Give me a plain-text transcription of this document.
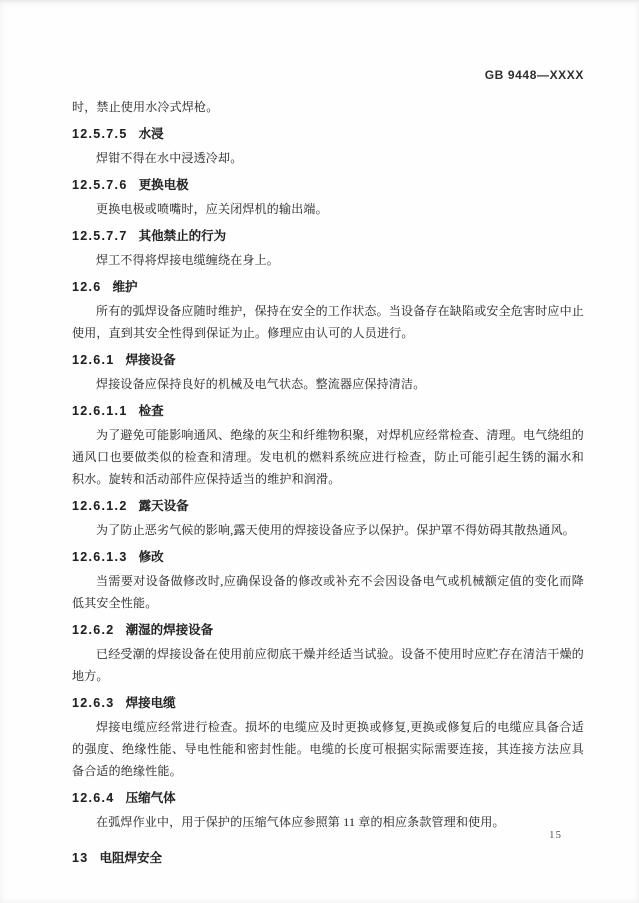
GB 9448—XXXX

时，禁止使用水冷式焊枪。

12.5.7.5 水浸

焊钳不得在水中浸透冷却。

12.5.7.6 更换电极

更换电极或喷嘴时，应关闭焊机的输出端。

12.5.7.7 其他禁止的行为

焊工不得将焊接电缆缠绕在身上。

12.6 维护

所有的弧焊设备应随时维护，保持在安全的工作状态。当设备存在缺陷或安全危害时应中止使用，直到其安全性得到保证为止。修理应由认可的人员进行。

12.6.1 焊接设备

焊接设备应保持良好的机械及电气状态。整流器应保持清洁。

12.6.1.1 检查

为了避免可能影响通风、绝缘的灰尘和纤维物积聚，对焊机应经常检查、清理。电气绕组的通风口也要做类似的检查和清理。发电机的燃料系统应进行检查，防止可能引起生锈的漏水和积水。旋转和活动部件应保持适当的维护和润滑。

12.6.1.2 露天设备

为了防止恶劣气候的影响,露天使用的焊接设备应予以保护。保护罩不得妨碍其散热通风。

12.6.1.3 修改

当需要对设备做修改时,应确保设备的修改或补充不会因设备电气或机械额定值的变化而降低其安全性能。

12.6.2 潮湿的焊接设备

已经受潮的焊接设备在使用前应彻底干燥并经适当试验。设备不使用时应贮存在清洁干燥的地方。

12.6.3 焊接电缆

焊接电缆应经常进行检查。损坏的电缆应及时更换或修复,更换或修复后的电缆应具备合适的强度、绝缘性能、导电性能和密封性能。电缆的长度可根据实际需要连接，其连接方法应具备合适的绝缘性能。

12.6.4 压缩气体

在弧焊作业中，用于保护的压缩气体应参照第 11 章的相应条款管理和使用。

13 电阻焊安全
15
